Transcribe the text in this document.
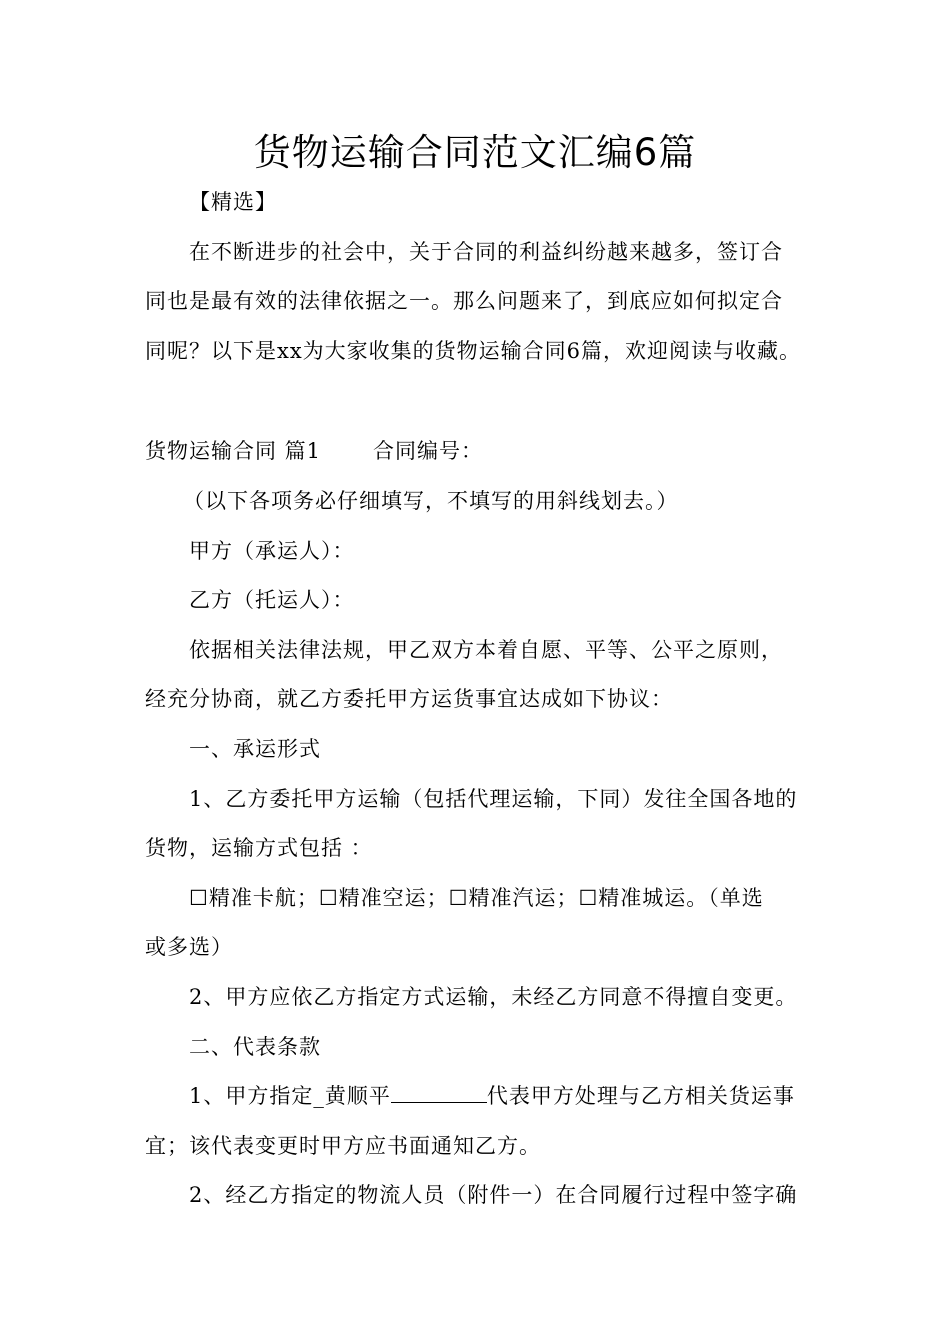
货物运输合同范文汇编6篇
【精选】
在不断进步的社会中，关于合同的利益纠纷越来越多，签订合
同也是最有效的法律依据之一。那么问题来了，到底应如何拟定合
同呢？以下是xx为大家收集的货物运输合同6篇，欢迎阅读与收藏。
货物运输合同 篇1 合同编号：
（以下各项务必仔细填写，不填写的用斜线划去。）
甲方（承运人）：
乙方（托运人）：
依据相关法律法规，甲乙双方本着自愿、平等、公平之原则，
经充分协商，就乙方委托甲方运货事宜达成如下协议：
一、承运形式
1、乙方委托甲方运输（包括代理运输，下同）发往全国各地的
货物，运输方式包括 ：
☐精准卡航；☐精准空运；☐精准汽运；☐精准城运。（单选
或多选）
2、甲方应依乙方指定方式运输，未经乙方同意不得擅自变更。
二、代表条款
1、甲方指定_黄顺平	代表甲方处理与乙方相关货运事
宜；该代表变更时甲方应书面通知乙方。
2、经乙方指定的物流人员（附件一）在合同履行过程中签字确
